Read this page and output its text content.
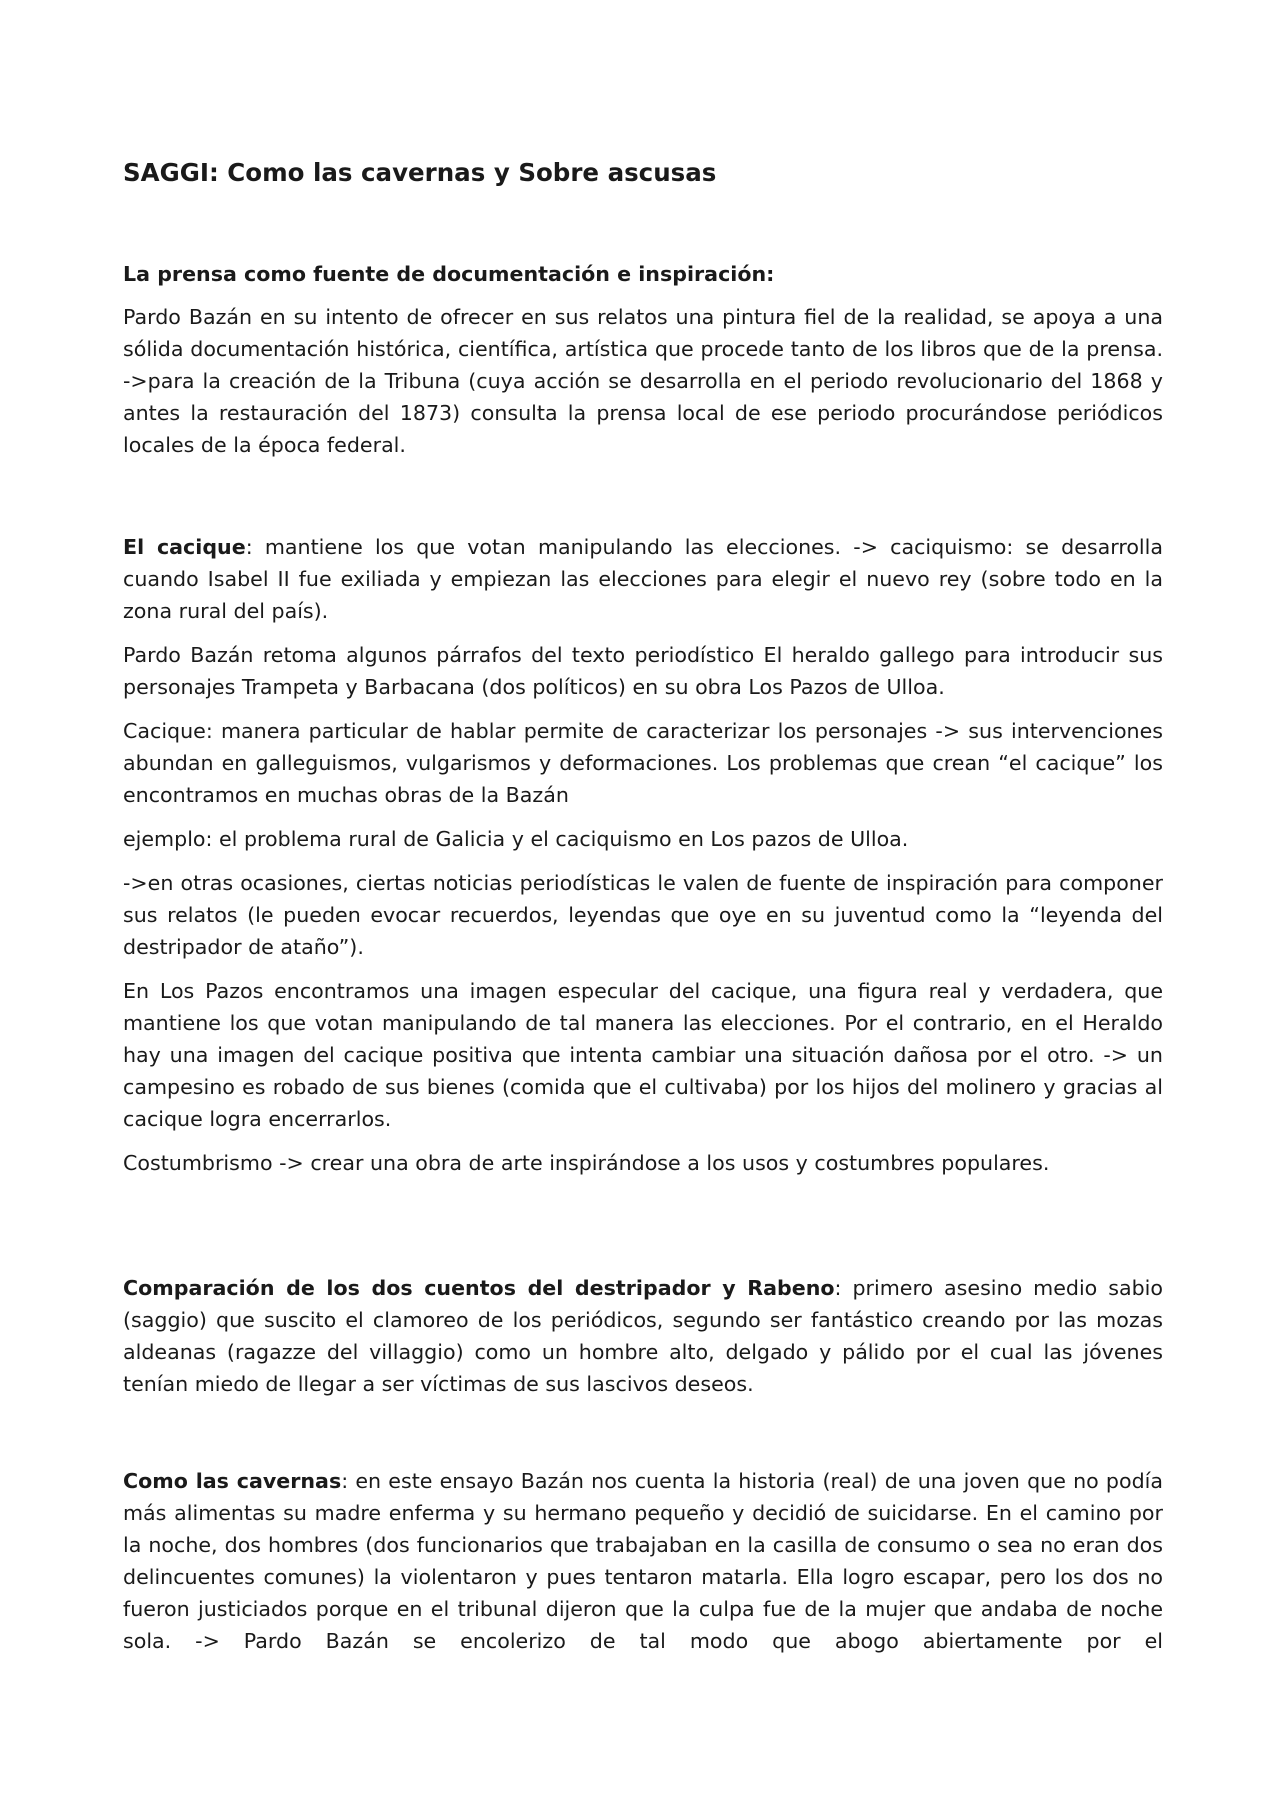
SAGGI: Como las cavernas y Sobre ascusas
La prensa como fuente de documentación e inspiración:

Pardo Bazán en su intento de ofrecer en sus relatos una pintura fiel de la realidad, se apoya a una sólida documentación histórica, científica, artística que procede tanto de los libros que de la prensa. ->para la creación de la Tribuna (cuya acción se desarrolla en el periodo revolucionario del 1868 y antes la restauración del 1873) consulta la prensa local de ese periodo procurándose periódicos locales de la época federal.

El cacique: mantiene los que votan manipulando las elecciones. -> caciquismo: se desarrolla cuando Isabel II fue exiliada y empiezan las elecciones para elegir el nuevo rey (sobre todo en la zona rural del país).

Pardo Bazán retoma algunos párrafos del texto periodístico El heraldo gallego para introducir sus personajes Trampeta y Barbacana (dos políticos) en su obra Los Pazos de Ulloa.

Cacique: manera particular de hablar permite de caracterizar los personajes -> sus intervenciones abundan en galleguismos, vulgarismos y deformaciones. Los problemas que crean “el cacique” los encontramos en muchas obras de la Bazán

ejemplo: el problema rural de Galicia y el caciquismo en Los pazos de Ulloa.

->en otras ocasiones, ciertas noticias periodísticas le valen de fuente de inspiración para componer sus relatos (le pueden evocar recuerdos, leyendas que oye en su juventud como la “leyenda del destripador de ataño”).

En Los Pazos encontramos una imagen especular del cacique, una figura real y verdadera, que mantiene los que votan manipulando de tal manera las elecciones. Por el contrario, en el Heraldo hay una imagen del cacique positiva que intenta cambiar una situación dañosa por el otro. -> un campesino es robado de sus bienes (comida que el cultivaba) por los hijos del molinero y gracias al cacique logra encerrarlos.

Costumbrismo -> crear una obra de arte inspirándose a los usos y costumbres populares.

Comparación de los dos cuentos del destripador y Rabeno: primero asesino medio sabio (saggio) que suscito el clamoreo de los periódicos, segundo ser fantástico creando por las mozas aldeanas (ragazze del villaggio) como un hombre alto, delgado y pálido por el cual las jóvenes tenían miedo de llegar a ser víctimas de sus lascivos deseos.

Como las cavernas: en este ensayo Bazán nos cuenta la historia (real) de una joven que no podía más alimentas su madre enferma y su hermano pequeño y decidió de suicidarse. En el camino por la noche, dos hombres (dos funcionarios que trabajaban en la casilla de consumo o sea no eran dos delincuentes comunes) la violentaron y pues tentaron matarla. Ella logro escapar, pero los dos no fueron justiciados porque en el tribunal dijeron que la culpa fue de la mujer que andaba de noche sola. -> Pardo Bazán se encolerizo de tal modo que abogo abiertamente por el
